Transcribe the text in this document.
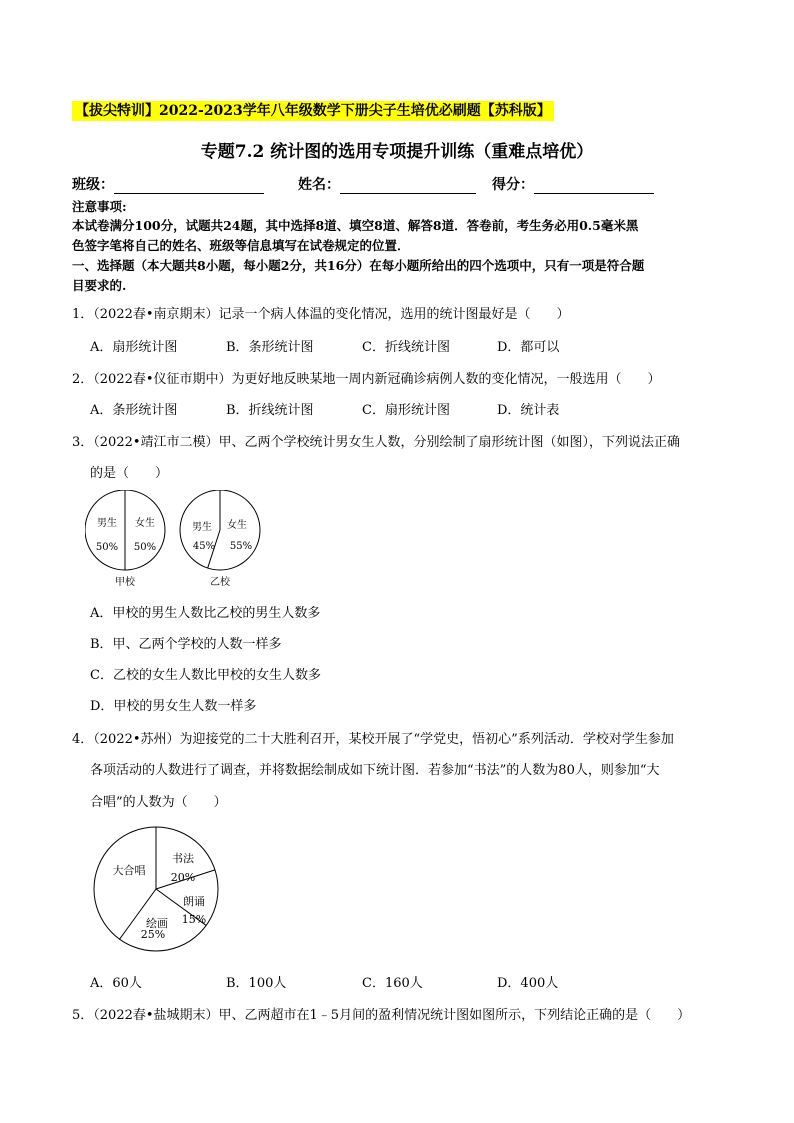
【拔尖特训】2022-2023学年八年级数学下册尖子生培优必刷题【苏科版】
专题7.2 统计图的选用专项提升训练（重难点培优）
班级：	姓名：	得分：
注意事项:
本试卷满分100分，试题共24题，其中选择8道、填空8道、解答8道．答卷前，考生务必用0.5毫米黑
色签字笔将自己的姓名、班级等信息填写在试卷规定的位置．
一、选择题（本大题共8小题，每小题2分，共16分）在每小题所给出的四个选项中，只有一项是符合题
目要求的.
1．（2022春•南京期末）记录一个病人体温的变化情况，选用的统计图最好是（　　）
A．扇形统计图	B．条形统计图	C．折线统计图	D．都可以
2．（2022春•仪征市期中）为更好地反映某地一周内新冠确诊病例人数的变化情况，一般选用（　　）
A．条形统计图	B．折线统计图	C．扇形统计图	D．统计表
3．（2022•靖江市二模）甲、乙两个学校统计男女生人数，分别绘制了扇形统计图（如图），下列说法正确
的是（　　）
男生
50%
女生
50%
甲校
男生
45%
女生
55%
乙校
A．甲校的男生人数比乙校的男生人数多
B．甲、乙两个学校的人数一样多
C．乙校的女生人数比甲校的女生人数多
D．甲校的男女生人数一样多
4．（2022•苏州）为迎接党的二十大胜利召开，某校开展了“学党史，悟初心”系列活动．学校对学生参加
各项活动的人数进行了调查，并将数据绘制成如下统计图．若参加“书法”的人数为80人，则参加“大
合唱”的人数为（　　）
书法
20%
朗诵
15%
绘画
25%
大合唱
A．60人	B．100人	C．160人	D．400人
5．（2022春•盐城期末）甲、乙两超市在1﹣5月间的盈利情况统计图如图所示，下列结论正确的是（　　）
